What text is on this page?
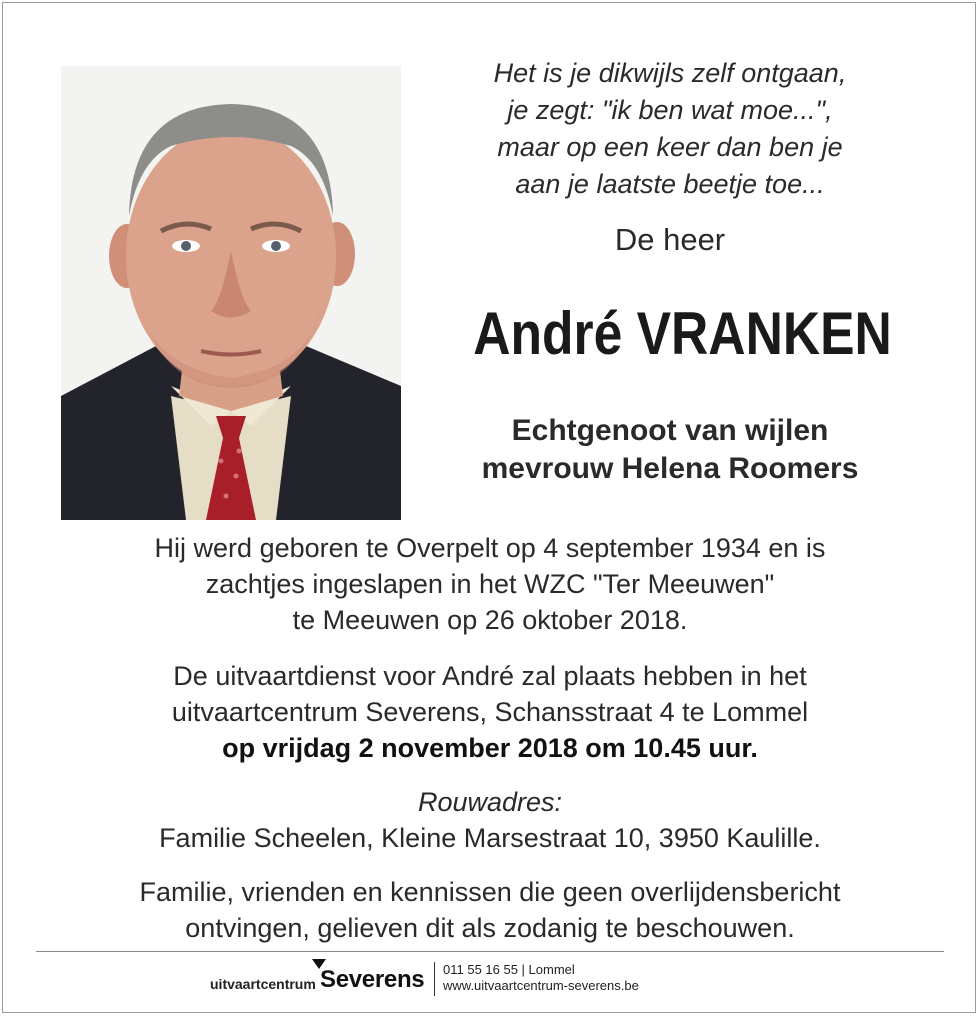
Het is je dikwijls zelf ontgaan,
je zegt: "ik ben wat moe...",
maar op een keer dan ben je
aan je laatste beetje toe...
De heer
André VRANKEN
Echtgenoot van wijlen
mevrouw Helena Roomers
Hij werd geboren te Overpelt op 4 september 1934 en is
zachtjes ingeslapen in het WZC "Ter Meeuwen"
te Meeuwen op 26 oktober 2018.
De uitvaartdienst voor André zal plaats hebben in het
uitvaartcentrum Severens, Schansstraat 4 te Lommel
op vrijdag 2 november 2018 om 10.45 uur.
Rouwadres:
Familie Scheelen, Kleine Marsestraat 10, 3950 Kaulille.
Familie, vrienden en kennissen die geen overlijdensbericht
ontvingen, gelieven dit als zodanig te beschouwen.
uitvaartcentrum Severens 011 55 16 55 | Lommel
www.uitvaartcentrum-severens.be
